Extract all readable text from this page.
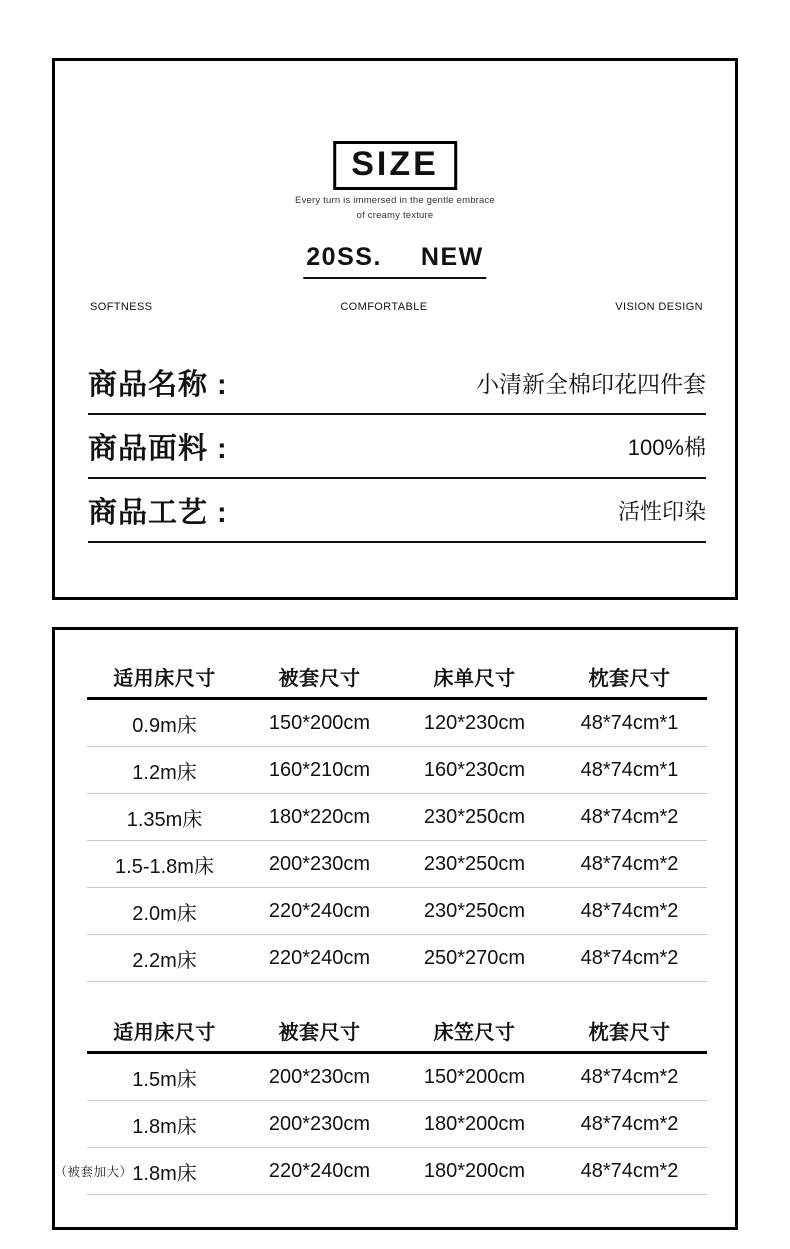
SIZE
Every turn is immersed in the gentle embrace
of creamy texture
20SS. NEW
SOFTNESS	COMFORTABLE	VISION DESIGN
商品名称 :	小清新全棉印花四件套
商品面料 :	100%棉
商品工艺 :	活性印染
适用床尺寸	被套尺寸	床单尺寸	枕套尺寸
0.9m床	150*200cm	120*230cm	48*74cm*1
1.2m床	160*210cm	160*230cm	48*74cm*1
1.35m床	180*220cm	230*250cm	48*74cm*2
1.5-1.8m床	200*230cm	230*250cm	48*74cm*2
2.0m床	220*240cm	230*250cm	48*74cm*2
2.2m床	220*240cm	250*270cm	48*74cm*2
适用床尺寸	被套尺寸	床笠尺寸	枕套尺寸
1.5m床	200*230cm	150*200cm	48*74cm*2
1.8m床	200*230cm	180*200cm	48*74cm*2
（被套加大） 1.8m床	220*240cm	180*200cm	48*74cm*2
